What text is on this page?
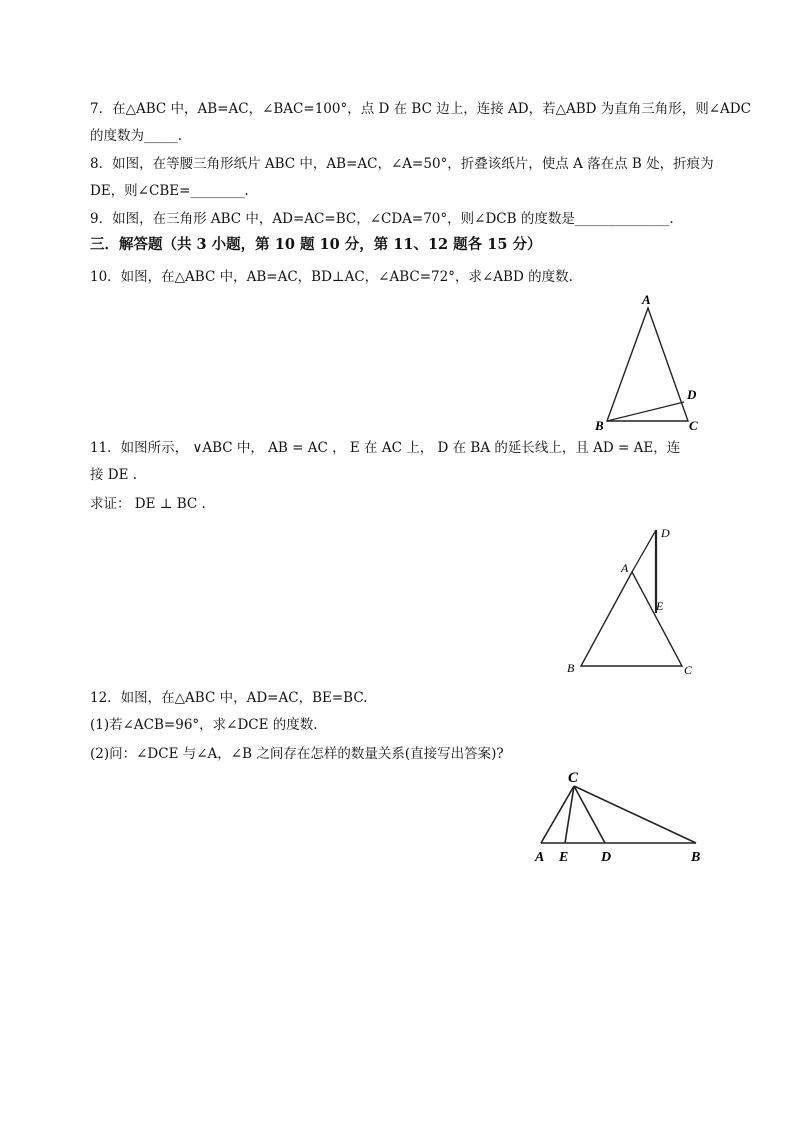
7．在△ABC 中，AB=AC，∠BAC=100°，点 D 在 BC 边上，连接 AD，若△ABD 为直角三角形，则∠ADC
的度数为_____.
8．如图，在等腰三角形纸片 ABC 中，AB=AC，∠A=50°，折叠该纸片，使点 A 落在点 B 处，折痕为
DE，则∠CBE=________.
9．如图，在三角形 ABC 中，AD=AC=BC，∠CDA=70°，则∠DCB 的度数是______________.
三．解答题（共 3 小题，第 10 题 10 分，第 11、12 题各 15 分）
10．如图，在△ABC 中，AB=AC，BD⊥AC，∠ABC=72°，求∠ABD 的度数.
A
B	C
D
11．如图所示， ∨ABC 中， AB = AC ， E 在 AC 上， D 在 BA 的延长线上，且 AD = AE，连
接 DE .
求证： DE ⊥ BC .
A
B	C
D
E
12．如图，在△ABC 中，AD=AC，BE=BC.
(1)若∠ACB=96°，求∠DCE 的度数.
(2)问：∠DCE 与∠A，∠B 之间存在怎样的数量关系(直接写出答案)?
C
A E D	B
